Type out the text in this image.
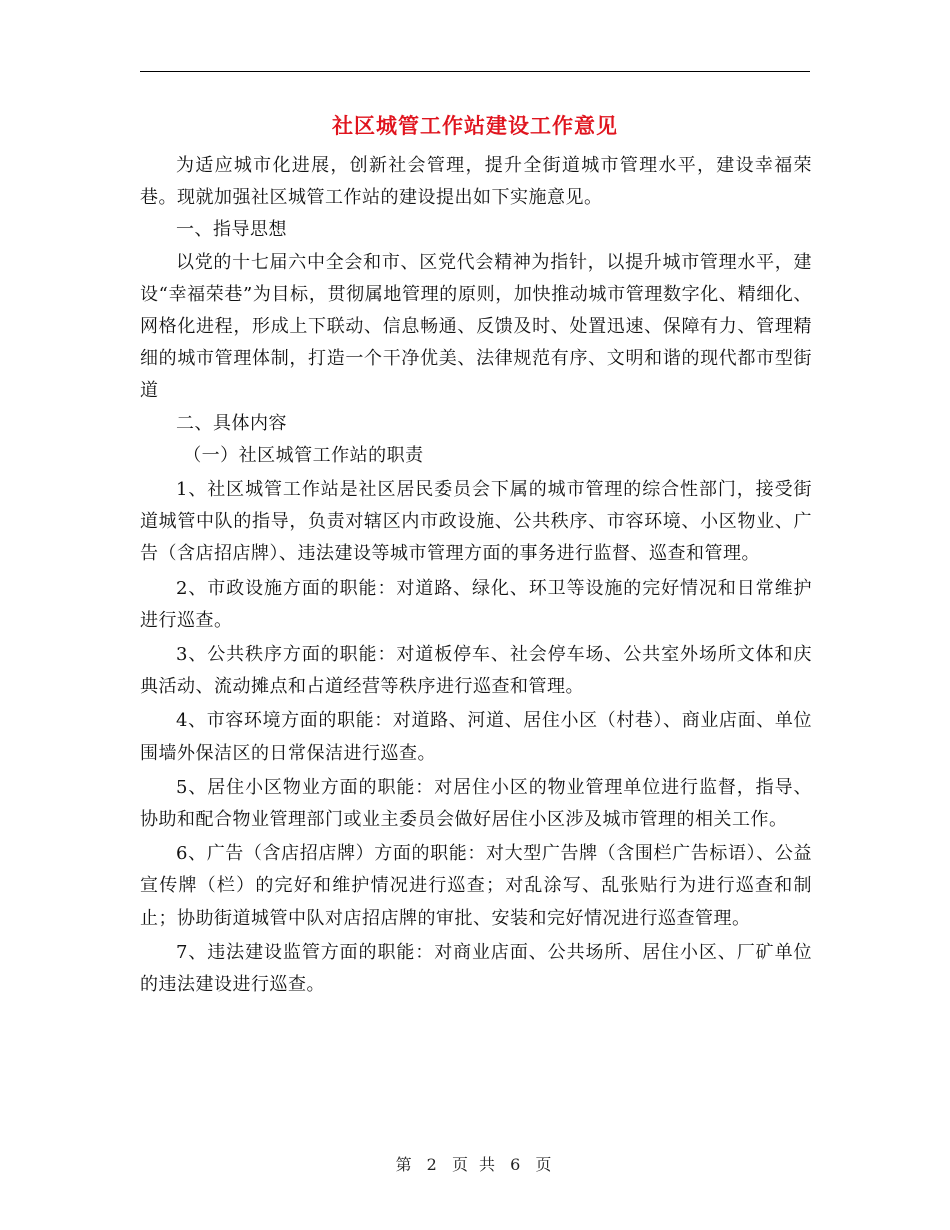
社区城管工作站建设工作意见

为适应城市化进展，创新社会管理，提升全街道城市管理水平，建设幸福荣巷。现就加强社区城管工作站的建设提出如下实施意见。

一、指导思想

以党的十七届六中全会和市、区党代会精神为指针，以提升城市管理水平，建设“幸福荣巷”为目标，贯彻属地管理的原则，加快推动城市管理数字化、精细化、网格化进程，形成上下联动、信息畅通、反馈及时、处置迅速、保障有力、管理精细的城市管理体制，打造一个干净优美、法律规范有序、文明和谐的现代都市型街道

二、具体内容

（一）社区城管工作站的职责

1、社区城管工作站是社区居民委员会下属的城市管理的综合性部门，接受街道城管中队的指导，负责对辖区内市政设施、公共秩序、市容环境、小区物业、广告（含店招店牌）、违法建设等城市管理方面的事务进行监督、巡查和管理。

2、市政设施方面的职能：对道路、绿化、环卫等设施的完好情况和日常维护进行巡查。

3、公共秩序方面的职能：对道板停车、社会停车场、公共室外场所文体和庆典活动、流动摊点和占道经营等秩序进行巡查和管理。

4、市容环境方面的职能：对道路、河道、居住小区（村巷）、商业店面、单位围墙外保洁区的日常保洁进行巡查。

5、居住小区物业方面的职能：对居住小区的物业管理单位进行监督，指导、协助和配合物业管理部门或业主委员会做好居住小区涉及城市管理的相关工作。

6、广告（含店招店牌）方面的职能：对大型广告牌（含围栏广告标语）、公益宣传牌（栏）的完好和维护情况进行巡查；对乱涂写、乱张贴行为进行巡查和制止；协助街道城管中队对店招店牌的审批、安装和完好情况进行巡查管理。

7、违法建设监管方面的职能：对商业店面、公共场所、居住小区、厂矿单位的违法建设进行巡查。

第 2 页 共 6 页
